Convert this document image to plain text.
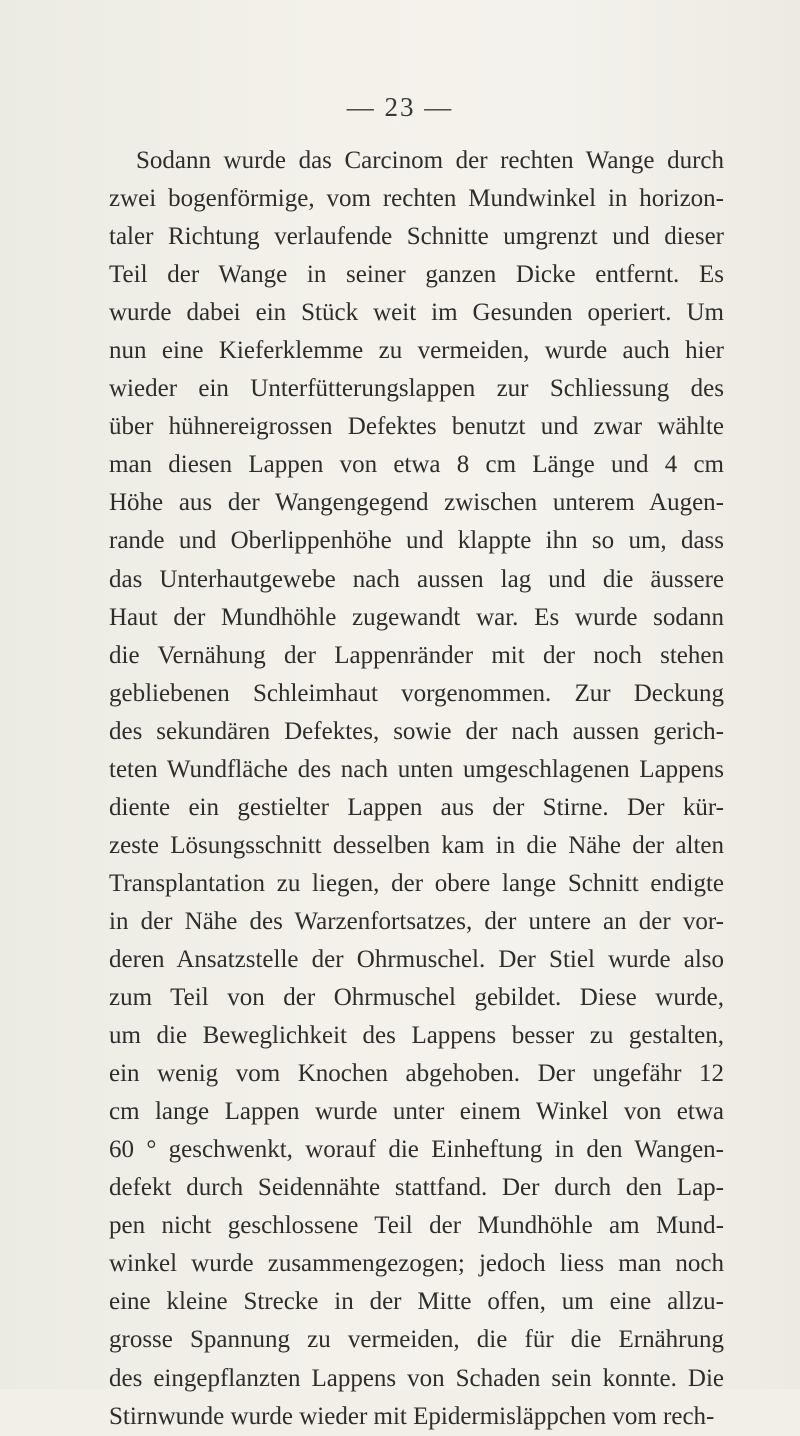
— 23 —

Sodann wurde das Carcinom der rechten Wange durch
zwei bogenförmige, vom rechten Mundwinkel in horizon-
taler Richtung verlaufende Schnitte umgrenzt und dieser
Teil der Wange in seiner ganzen Dicke entfernt. Es
wurde dabei ein Stück weit im Gesunden operiert. Um
nun eine Kieferklemme zu vermeiden, wurde auch hier
wieder ein Unterfütterungslappen zur Schliessung des
über hühnereigrossen Defektes benutzt und zwar wählte
man diesen Lappen von etwa 8 cm Länge und 4 cm
Höhe aus der Wangengegend zwischen unterem Augen-
rande und Oberlippenhöhe und klappte ihn so um, dass
das Unterhautgewebe nach aussen lag und die äussere
Haut der Mundhöhle zugewandt war. Es wurde sodann
die Vernähung der Lappenränder mit der noch stehen
gebliebenen Schleimhaut vorgenommen. Zur Deckung
des sekundären Defektes, sowie der nach aussen gerich-
teten Wundfläche des nach unten umgeschlagenen Lappens
diente ein gestielter Lappen aus der Stirne. Der kür-
zeste Lösungsschnitt desselben kam in die Nähe der alten
Transplantation zu liegen, der obere lange Schnitt endigte
in der Nähe des Warzenfortsatzes, der untere an der vor-
deren Ansatzstelle der Ohrmuschel. Der Stiel wurde also
zum Teil von der Ohrmuschel gebildet. Diese wurde,
um die Beweglichkeit des Lappens besser zu gestalten,
ein wenig vom Knochen abgehoben. Der ungefähr 12
cm lange Lappen wurde unter einem Winkel von etwa
60 ° geschwenkt, worauf die Einheftung in den Wangen-
defekt durch Seidennähte stattfand. Der durch den Lap-
pen nicht geschlossene Teil der Mundhöhle am Mund-
winkel wurde zusammengezogen; jedoch liess man noch
eine kleine Strecke in der Mitte offen, um eine allzu-
grosse Spannung zu vermeiden, die für die Ernährung
des eingepflanzten Lappens von Schaden sein konnte. Die
Stirnwunde wurde wieder mit Epidermisläppchen vom rech-
